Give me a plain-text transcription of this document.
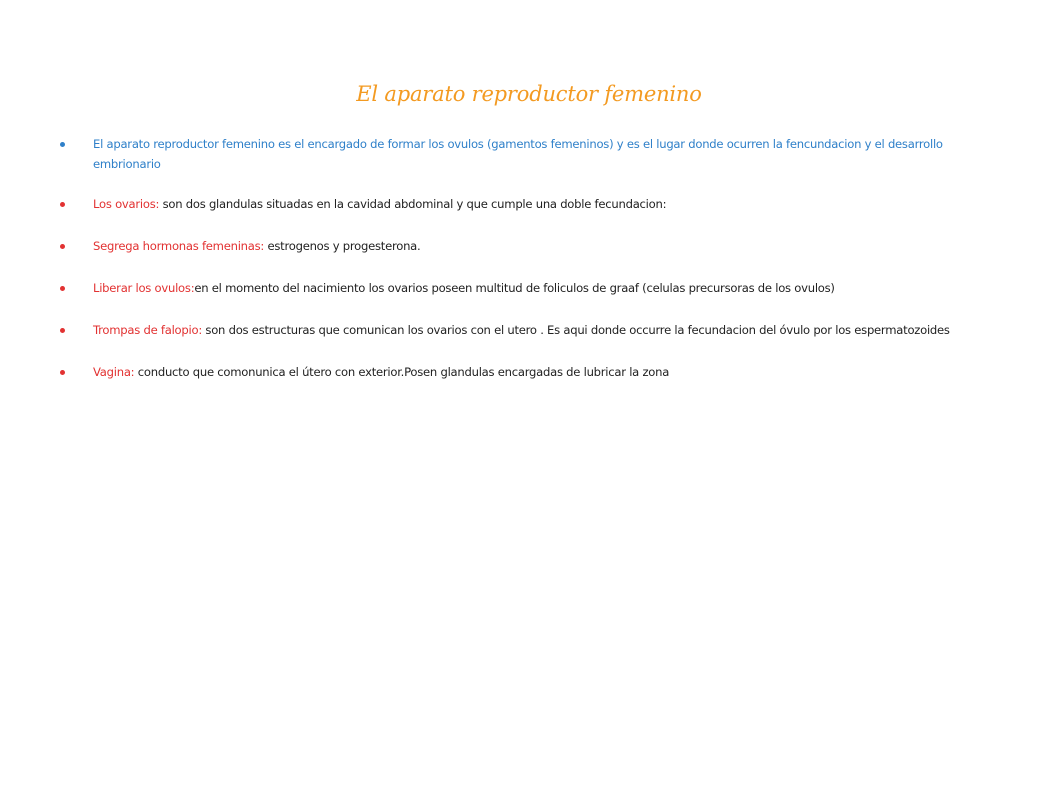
El aparato reproductor femenino
El aparato reproductor femenino es el encargado de formar los ovulos (gamentos femeninos) y es el lugar donde ocurren la fencundacion y el desarrollo embrionario
Los ovarios: son dos glandulas situadas en la cavidad abdominal y que cumple una doble fecundacion:
Segrega hormonas femeninas: estrogenos y progesterona.
Liberar los ovulos:en el momento del nacimiento los ovarios poseen multitud de foliculos de graaf (celulas precursoras de los ovulos)
Trompas de falopio: son dos estructuras que comunican los ovarios con el utero . Es aqui donde occurre la fecundacion del óvulo por los espermatozoides
Vagina: conducto que comonunica el útero con exterior.Posen glandulas encargadas de lubricar la zona
